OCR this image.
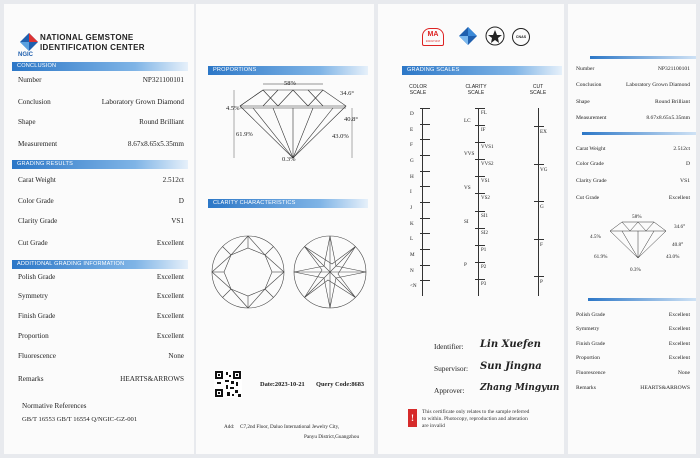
NATIONAL GEMSTONE
IDENTIFICATION CENTER
NGIC
CONCLUSION
Number	NP321100101
Conclusion	Laboratory Grown Diamond
Shape	Round Brilliant
Measurement	8.67x8.65x5.35mm
GRADING RESULTS
Carat Weight	2.512ct
Color Grade	D
Clarity Grade	VS1
Cut Grade	Excellent
ADDITIONAL GRADING INFORMATION
Polish Grade	Excellent
Symmetry	Excellent
Finish Grade	Excellent
Proportion	Excellent
Fluorescence	None
Remarks	HEARTS&ARROWS
Normative References
GB/T 16553 GB/T 16554 Q/NGIC-GZ-001
PROPORTIONS
58%
34.6°
4.5%
40.8°
61.9%	43.0%
0.3%
CLARITY CHARACTERISTICS
Date:2023-10-21 Query Code:8683
Add: C7,2nd Floor, Daluo International Jewelry City,
Panyu District,Guangzhou
MA
2023171017
CNAS
GRADING SCALES
COLOR SCALE
CLARITY SCALE
CUT SCALE
D
E
F
G
H
I
J
K
L
M
N
<N
FL
IF
VVS1
VVS2
VS1
VS2
SI1
SI2
P1
P2
P3
LC
VVS
VS
SI
P
EX
VG
G
F
P
Identifier: Lin Xuefen
Supervisor: Sun Jingna
Approver: Zhang Mingyun
!
This certificate only relates to the sample referred
to within. Photocopy, reproduction and alteration
are invalid
Number	NP321100101
Conclusion	Laboratory Grown Diamond
Shape	Round Brilliant
Measurement	8.67x8.65x5.35mm
Carat Weight	2.512ct
Color Grade	D
Clarity Grade	VS1
Cut Grade	Excellent
58%
34.6°
4.5%
40.8°
61.9%	43.0%
0.3%
Polish Grade	Excellent
Symmetry	Excellent
Finish Grade	Excellent
Proportion	Excellent
Fluorescence	None
Remarks	HEARTS&ARROWS
